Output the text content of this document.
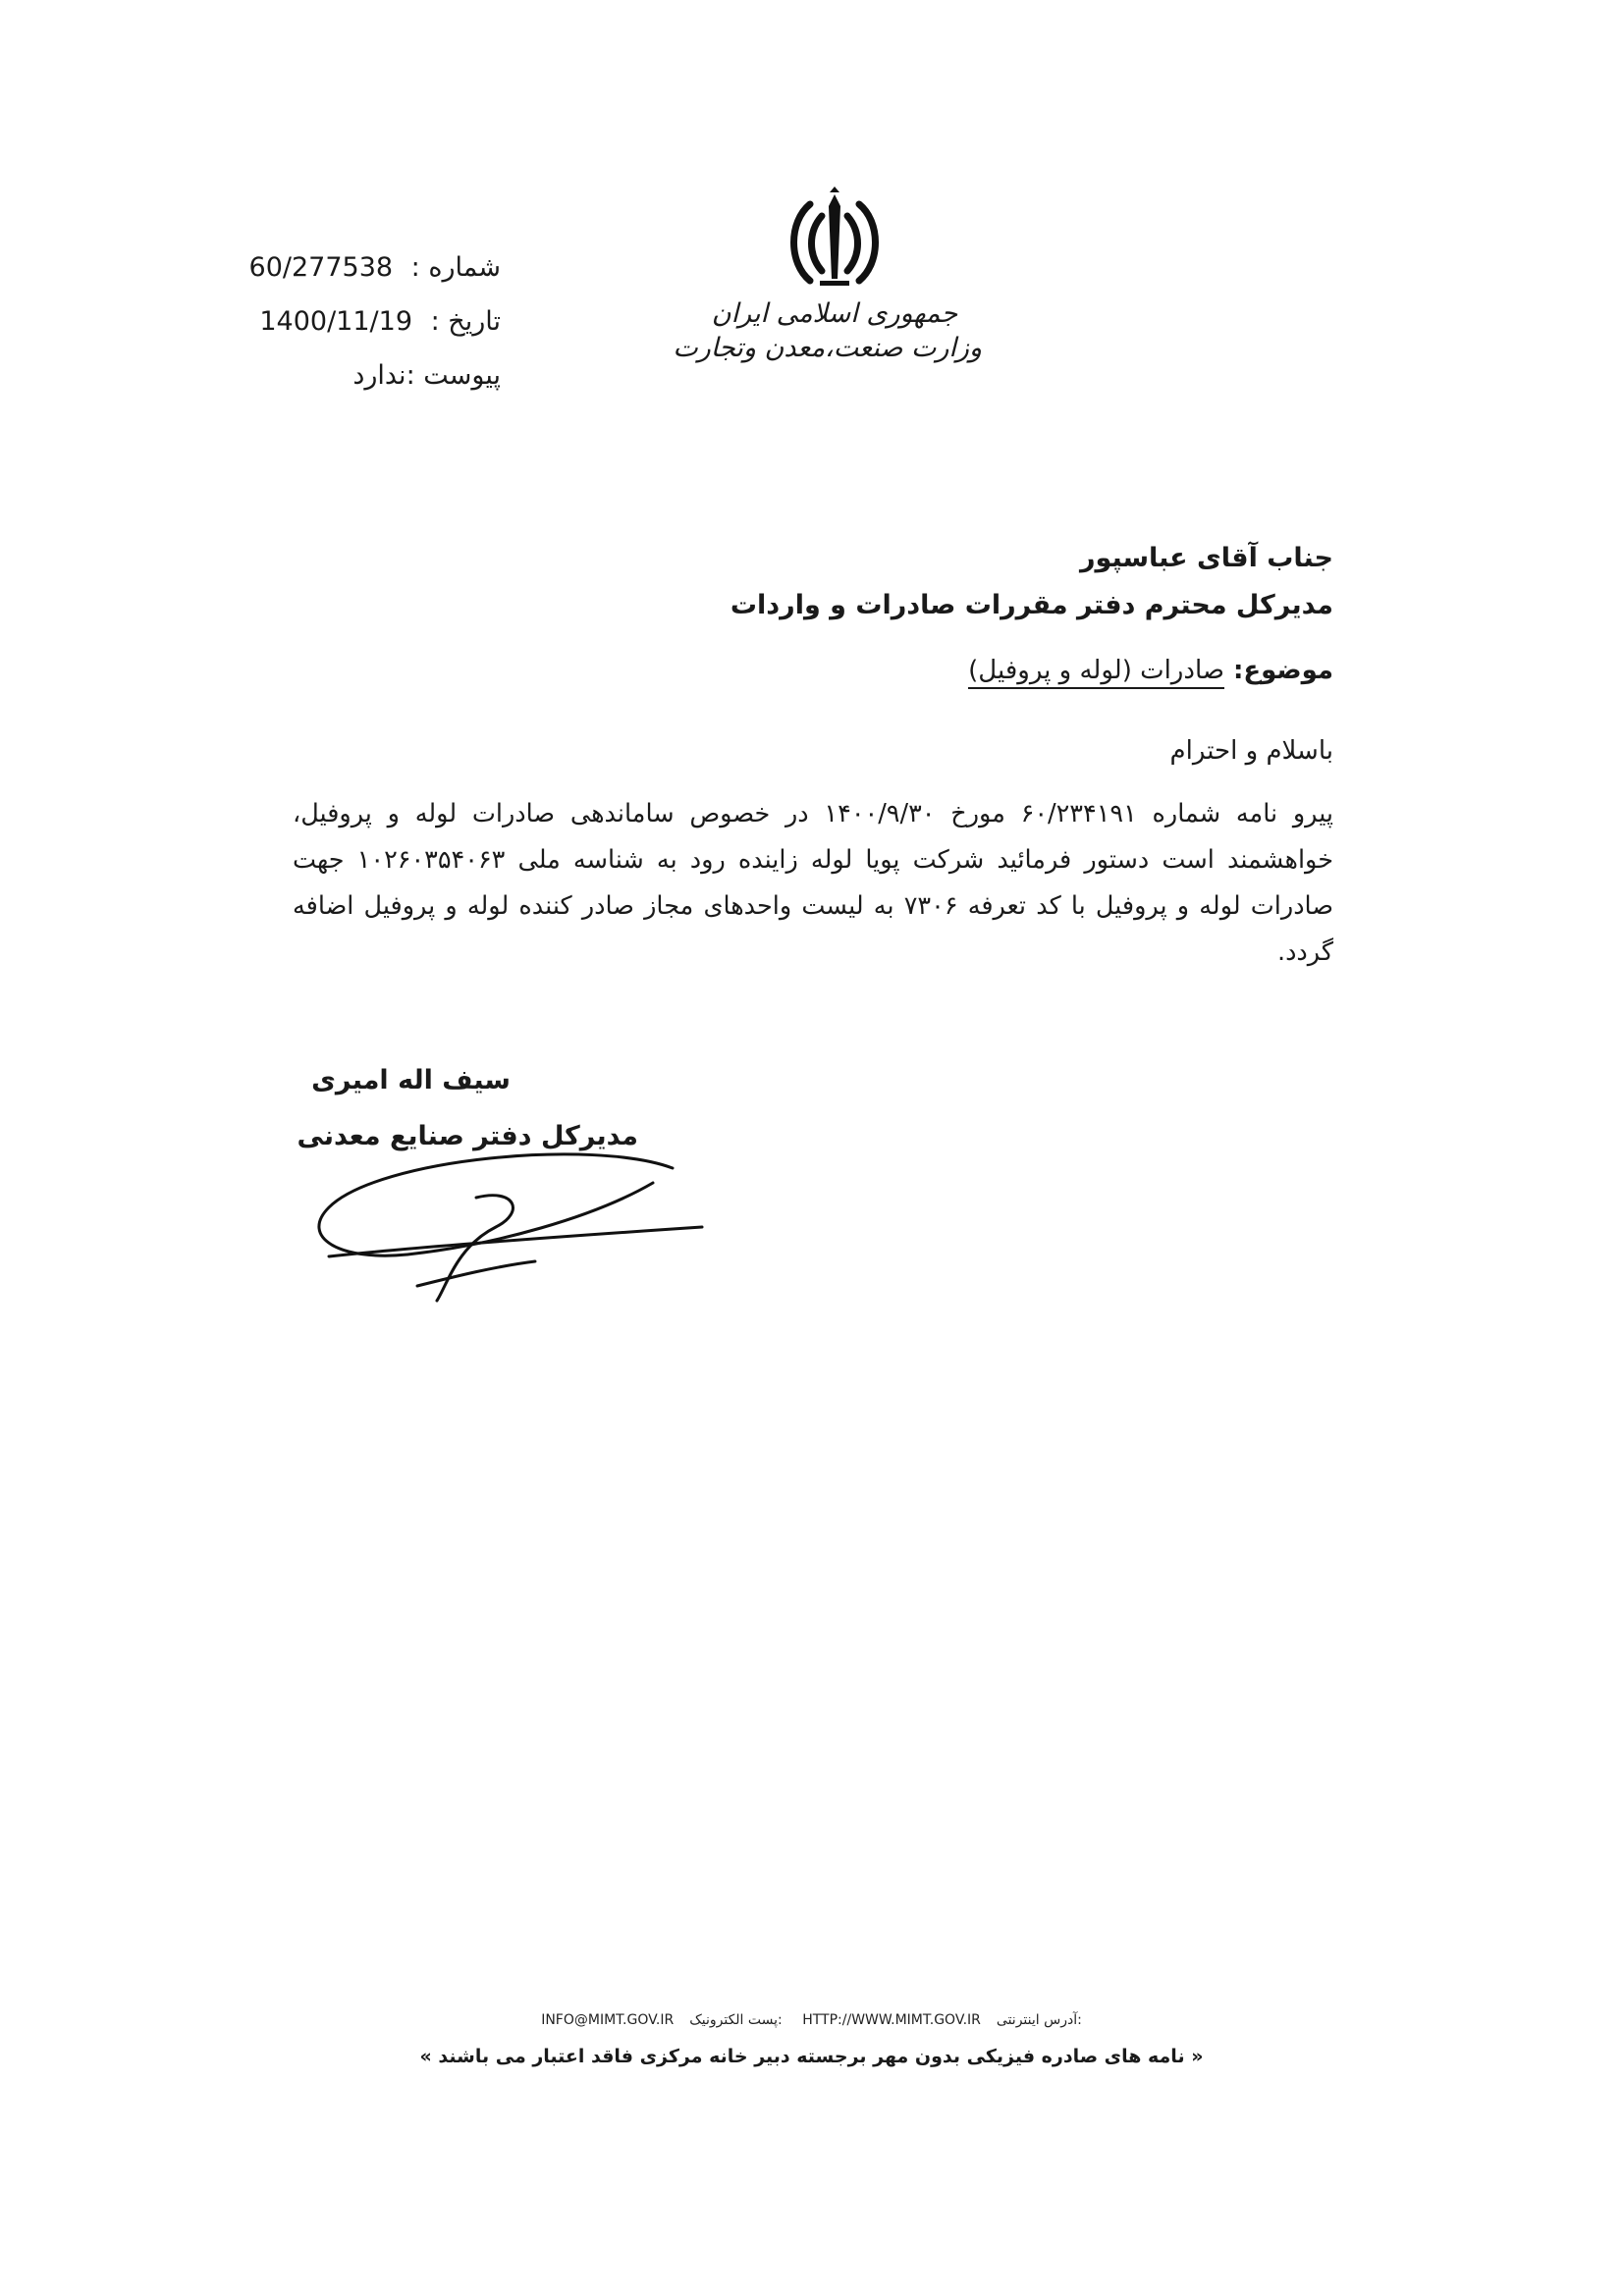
جمهوری اسلامی ایران
وزارت صنعت،معدن وتجارت
شماره : 60/277538
تاریخ : 1400/11/19
پیوست :ندارد
جناب آقای عباسپور
مدیرکل محترم دفتر مقررات صادرات و واردات
موضوع: صادرات (لوله و پروفیل)
باسلام و احترام
پیرو نامه شماره ۶۰/۲۳۴۱۹۱ مورخ ۱۴۰۰/۹/۳۰ در خصوص ساماندهی صادرات لوله و پروفیل، خواهشمند است دستور فرمائید شرکت پویا لوله زاینده رود به شناسه ملی ۱۰۲۶۰۳۵۴۰۶۳ جهت صادرات لوله و پروفیل با کد تعرفه ۷۳۰۶ به لیست واحدهای مجاز صادر کننده لوله و پروفیل اضافه گردد.
سیف اله امیری
مدیرکل دفتر صنایع معدنی
INFO@MIMT.GOV.IR پست الکترونیک: HTTP://WWW.MIMT.GOV.IR آدرس اینترنتی:
« نامه های صادره فیزیکی بدون مهر برجسته دبیر خانه مرکزی فاقد اعتبار می باشند »
